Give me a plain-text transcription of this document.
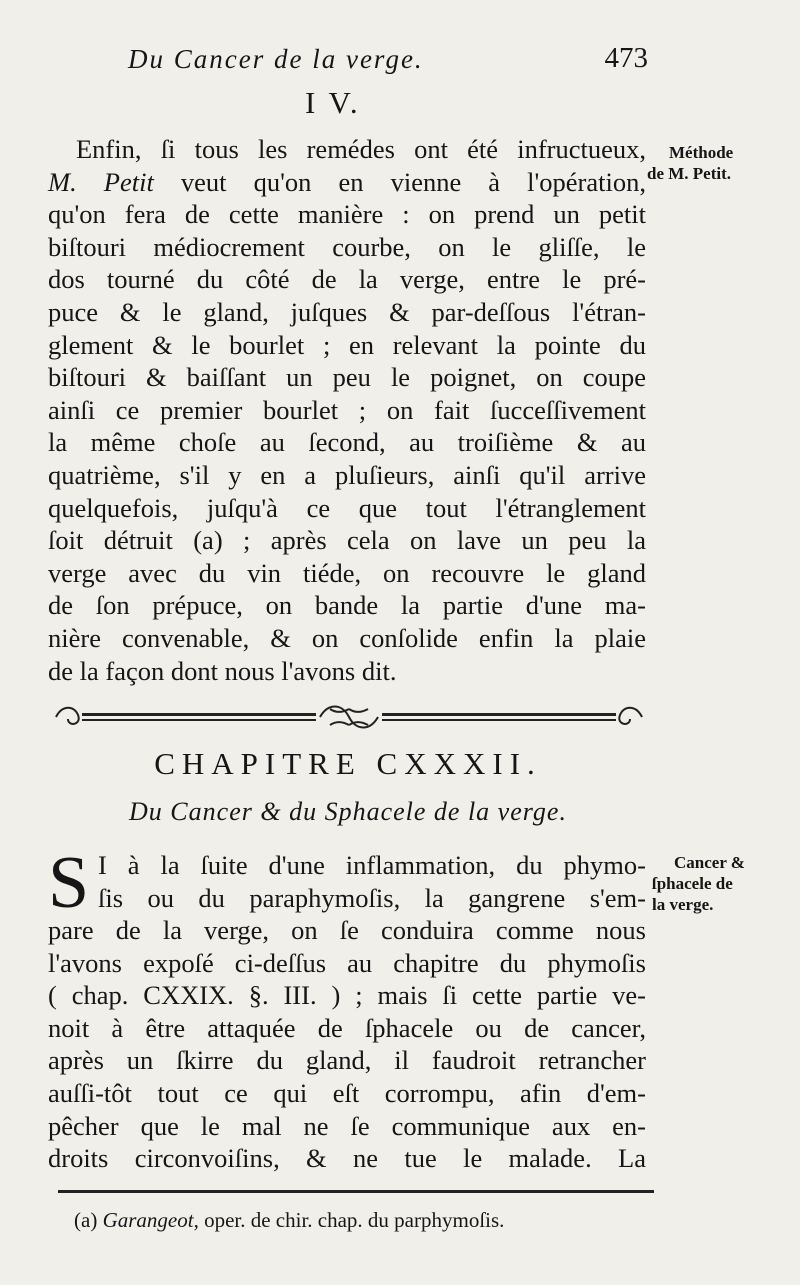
Du Cancer de la verge.	473
I V.
Enfin, ſi tous les remédes ont été infructueux,
M. Petit veut qu'on en vienne à l'opération,
qu'on fera de cette manière : on prend un petit
biſtouri médiocrement courbe, on le gliſſe, le
dos tourné du côté de la verge, entre le pré-
puce & le gland, juſques & par-deſſous l'étran-
glement & le bourlet ; en relevant la pointe du
biſtouri & baiſſant un peu le poignet, on coupe
ainſi ce premier bourlet ; on fait ſucceſſivement
la même choſe au ſecond, au troiſième & au
quatrième, s'il y en a pluſieurs, ainſi qu'il arrive
quelquefois, juſqu'à ce que tout l'étranglement
ſoit détruit (a) ; après cela on lave un peu la
verge avec du vin tiéde, on recouvre le gland
de ſon prépuce, on bande la partie d'une ma-
nière convenable, & on conſolide enfin la plaie
de la façon dont nous l'avons dit.
Méthode
de M. Petit.
CHAPITRE CXXXII.
Du Cancer & du Sphacele de la verge.
S I à la ſuite d'une inflammation, du phymo-
ſis ou du paraphymoſis, la gangrene s'em-
pare de la verge, on ſe conduira comme nous
l'avons expoſé ci-deſſus au chapitre du phymoſis
( chap. CXXIX. §. III. ) ; mais ſi cette partie ve-
noit à être attaquée de ſphacele ou de cancer,
après un ſkirre du gland, il faudroit retrancher
auſſi-tôt tout ce qui eſt corrompu, afin d'em-
pêcher que le mal ne ſe communique aux en-
droits circonvoiſins, & ne tue le malade. La
Cancer &
ſphacele de
la verge.
(a) Garangeot, oper. de chir. chap. du parphymoſis.
